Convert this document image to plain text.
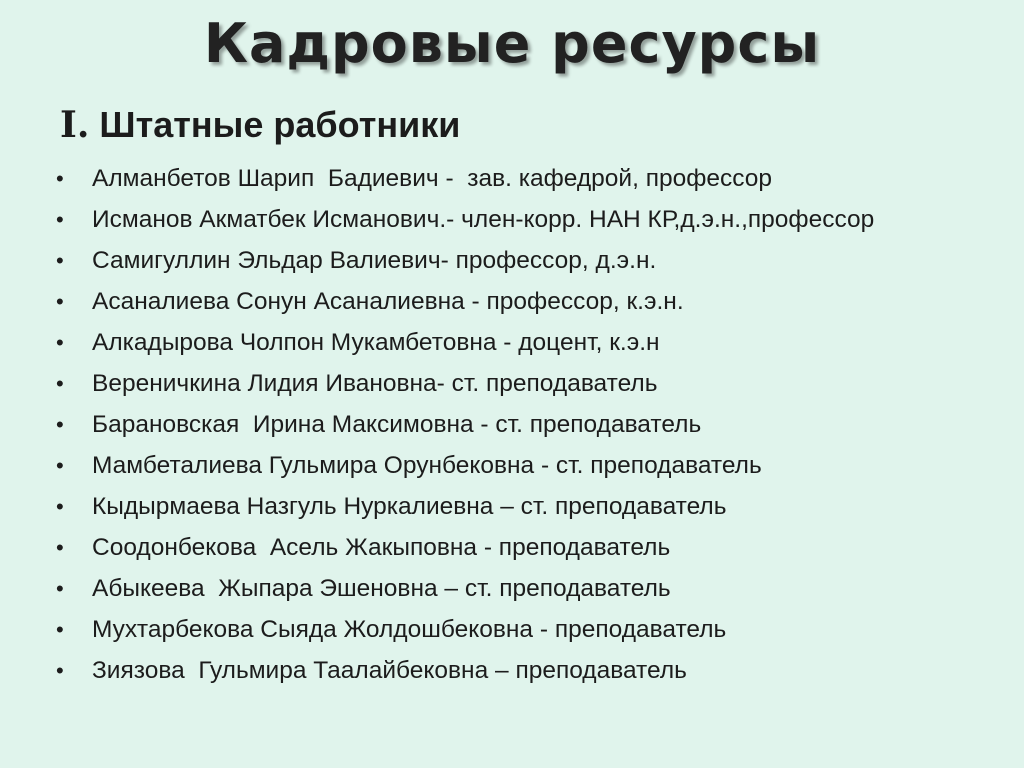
Кадровые ресурсы
I. Штатные работники
• Алманбетов Шарип  Бадиевич -  зав. кафедрой, профессор
• Исманов Акматбек Исманович.- член-корр. НАН КР,д.э.н.,профессор
• Самигуллин Эльдар Валиевич- профессор, д.э.н.
• Асаналиева Сонун Асаналиевна - профессор, к.э.н.
• Алкадырова Чолпон Мукамбетовна - доцент, к.э.н
• Вереничкина Лидия Ивановна- ст. преподаватель
• Барановская  Ирина Максимовна - ст. преподаватель
• Мамбеталиева Гульмира Орунбековна - ст. преподаватель
• Кыдырмаева Назгуль Нуркалиевна – ст. преподаватель
• Соодонбекова  Асель Жакыповна - преподаватель
• Абыкеева  Жыпара Эшеновна – ст. преподаватель
• Мухтарбекова Сыяда Жолдошбековна - преподаватель
• Зиязова  Гульмира Таалайбековна – преподаватель
